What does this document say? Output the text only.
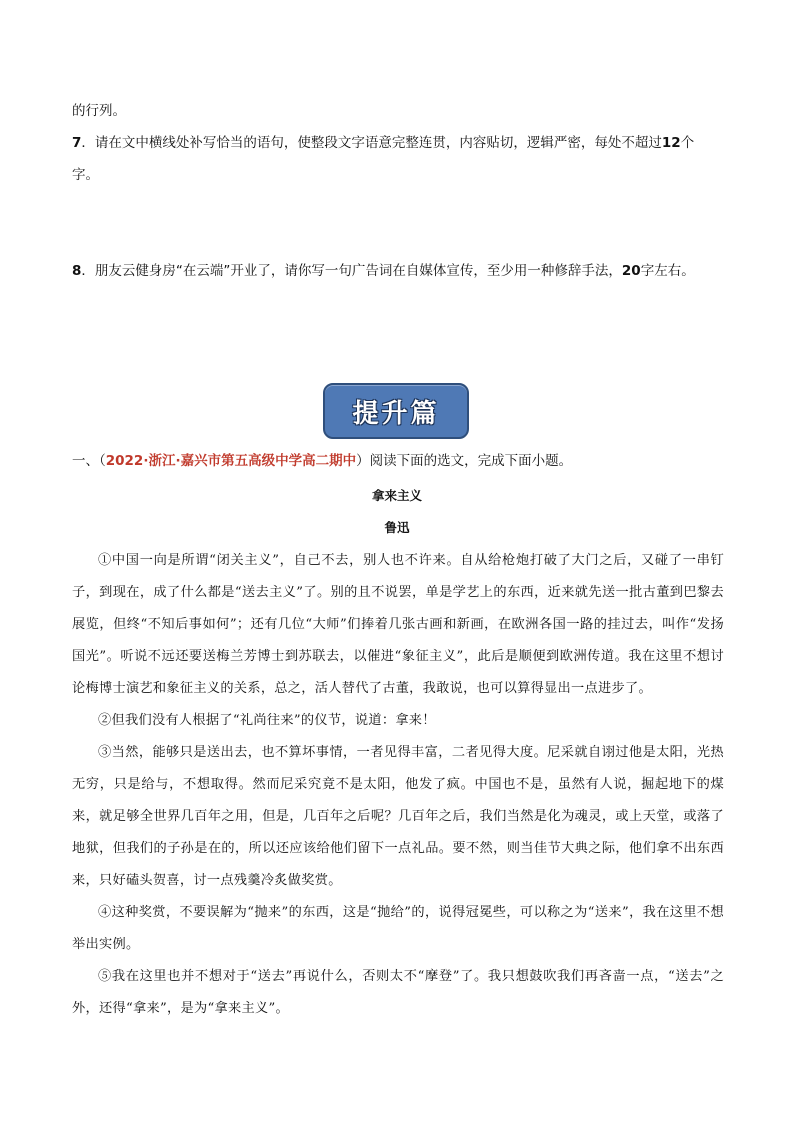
的行列。
7．请在文中横线处补写恰当的语句，使整段文字语意完整连贯，内容贴切，逻辑严密，每处不超过12个
字。
8．朋友云健身房“在云端”开业了，请你写一句广告词在自媒体宣传，至少用一种修辞手法，20字左右。
提升篇
一、（2022·浙江·嘉兴市第五高级中学高二期中）阅读下面的选文，完成下面小题。
拿来主义
鲁迅
①中国一向是所谓“闭关主义”，自己不去，别人也不许来。自从给枪炮打破了大门之后，又碰了一串钉子，到现在，成了什么都是“送去主义”了。别的且不说罢，单是学艺上的东西，近来就先送一批古董到巴黎去展览，但终“不知后事如何”；还有几位“大师”们捧着几张古画和新画，在欧洲各国一路的挂过去，叫作“发扬国光”。听说不远还要送梅兰芳博士到苏联去，以催进“象征主义”，此后是顺便到欧洲传道。我在这里不想讨论梅博士演艺和象征主义的关系，总之，活人替代了古董，我敢说，也可以算得显出一点进步了。
②但我们没有人根据了“礼尚往来”的仪节，说道：拿来！
③当然，能够只是送出去，也不算坏事情，一者见得丰富，二者见得大度。尼采就自诩过他是太阳，光热无穷，只是给与，不想取得。然而尼采究竟不是太阳，他发了疯。中国也不是，虽然有人说，掘起地下的煤来，就足够全世界几百年之用，但是，几百年之后呢？几百年之后，我们当然是化为魂灵，或上天堂，或落了地狱，但我们的子孙是在的，所以还应该给他们留下一点礼品。要不然，则当佳节大典之际，他们拿不出东西来，只好磕头贺喜，讨一点残羹冷炙做奖赏。
④这种奖赏，不要误解为“抛来”的东西，这是“抛给”的，说得冠冕些，可以称之为“送来”，我在这里不想举出实例。
⑤我在这里也并不想对于“送去”再说什么，否则太不“摩登”了。我只想鼓吹我们再吝啬一点，“送去”之外，还得“拿来”，是为“拿来主义”。
